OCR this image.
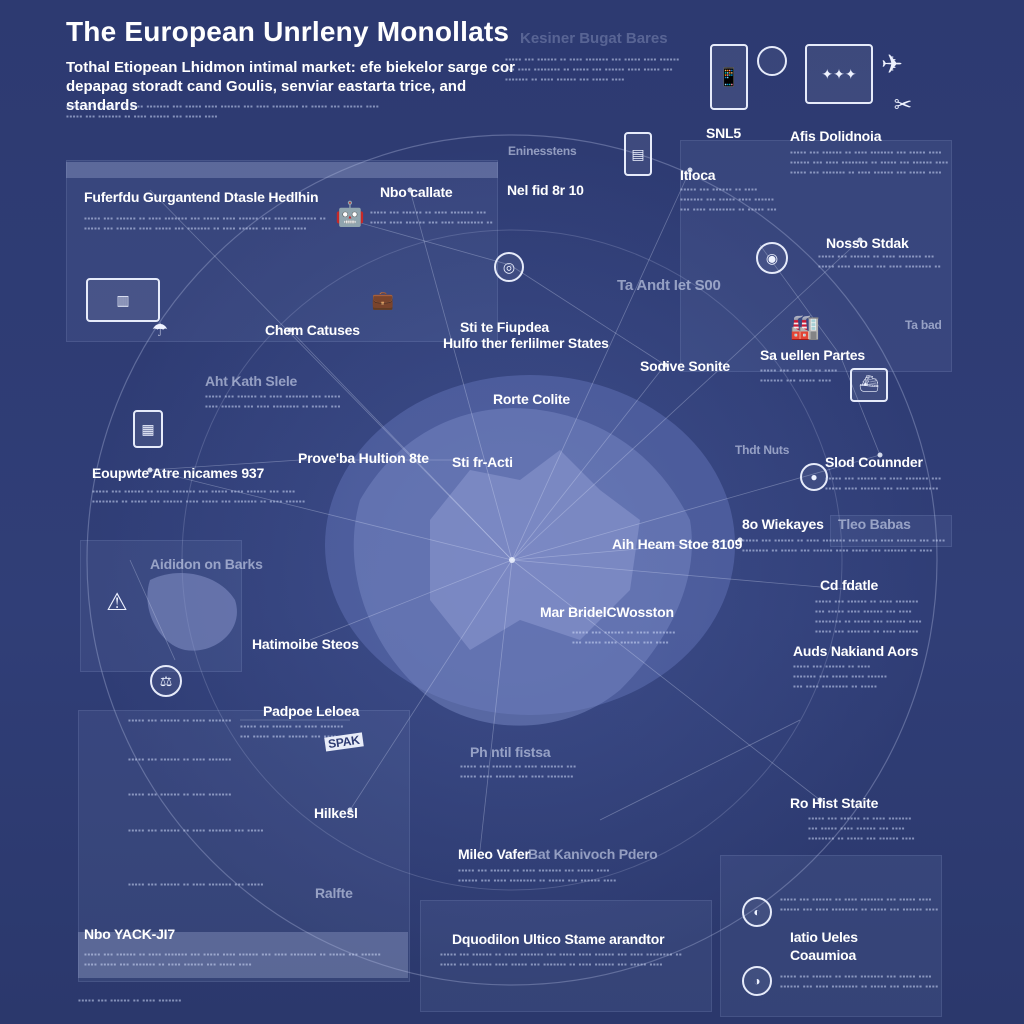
The European Unrleny Monollats
Tothal Etiopean Lhidmon intimal market: efe biekelor sarge cor depapag storadt cand Goulis, senviar eastarta trice, and standards
Kesiner Bugat Bares
▪▪▪▪▪ ▪▪▪ ▪▪▪▪▪▪ ▪▪ ▪▪▪▪ ▪▪▪▪▪▪▪ ▪▪▪ ▪▪▪▪▪ ▪▪▪▪ ▪▪▪▪▪▪ ▪▪▪ ▪▪▪▪ ▪▪▪▪▪▪▪▪ ▪▪ ▪▪▪▪▪ ▪▪▪ ▪▪▪▪▪▪ ▪▪▪▪ ▪▪▪▪▪ ▪▪▪ ▪▪▪▪▪▪▪ ▪▪ ▪▪▪▪ ▪▪▪▪▪▪ ▪▪▪ ▪▪▪▪▪ ▪▪▪▪
▪▪▪▪▪ ▪▪▪ ▪▪▪▪▪▪ ▪▪ ▪▪▪▪ ▪▪▪▪▪▪▪ ▪▪▪ ▪▪▪▪▪ ▪▪▪▪ ▪▪▪▪▪▪ ▪▪▪ ▪▪▪▪ ▪▪▪▪▪▪▪▪ ▪▪ ▪▪▪▪▪ ▪▪▪ ▪▪▪▪▪▪ ▪▪▪▪ ▪▪▪▪▪ ▪▪▪ ▪▪▪▪▪▪▪ ▪▪ ▪▪▪▪ ▪▪▪▪▪▪ ▪▪▪ ▪▪▪▪▪ ▪▪▪▪
📱	✦✦✦ ✈
✂
▤
SNL5	Afis Dolidnoia
▪▪▪▪▪ ▪▪▪ ▪▪▪▪▪▪ ▪▪ ▪▪▪▪ ▪▪▪▪▪▪▪ ▪▪▪ ▪▪▪▪▪ ▪▪▪▪ ▪▪▪▪▪▪ ▪▪▪ ▪▪▪▪ ▪▪▪▪▪▪▪▪ ▪▪ ▪▪▪▪▪ ▪▪▪ ▪▪▪▪▪▪ ▪▪▪▪ ▪▪▪▪▪ ▪▪▪ ▪▪▪▪▪▪▪ ▪▪ ▪▪▪▪ ▪▪▪▪▪▪ ▪▪▪ ▪▪▪▪▪ ▪▪▪▪
Eninesstens
Itioca
▪▪▪▪▪ ▪▪▪ ▪▪▪▪▪▪ ▪▪ ▪▪▪▪ ▪▪▪▪▪▪▪ ▪▪▪ ▪▪▪▪▪ ▪▪▪▪ ▪▪▪▪▪▪ ▪▪▪ ▪▪▪▪ ▪▪▪▪▪▪▪▪ ▪▪ ▪▪▪▪▪ ▪▪▪ ▪▪▪▪▪▪ ▪▪▪▪ ▪▪▪▪▪ ▪▪▪ ▪▪▪▪▪▪▪ ▪▪ ▪▪▪▪ ▪▪▪▪▪▪ ▪▪▪ ▪▪▪▪▪ ▪▪▪▪
Fuferfdu Gurgantend Dtasle Hedlhin
▪▪▪▪▪ ▪▪▪ ▪▪▪▪▪▪ ▪▪ ▪▪▪▪ ▪▪▪▪▪▪▪ ▪▪▪ ▪▪▪▪▪ ▪▪▪▪ ▪▪▪▪▪▪ ▪▪▪ ▪▪▪▪ ▪▪▪▪▪▪▪▪ ▪▪ ▪▪▪▪▪ ▪▪▪ ▪▪▪▪▪▪ ▪▪▪▪ ▪▪▪▪▪ ▪▪▪ ▪▪▪▪▪▪▪ ▪▪ ▪▪▪▪ ▪▪▪▪▪▪ ▪▪▪ ▪▪▪▪▪ ▪▪▪▪	Nbo callate
▪▪▪▪▪ ▪▪▪ ▪▪▪▪▪▪ ▪▪ ▪▪▪▪ ▪▪▪▪▪▪▪ ▪▪▪ ▪▪▪▪▪ ▪▪▪▪ ▪▪▪▪▪▪ ▪▪▪ ▪▪▪▪ ▪▪▪▪▪▪▪▪ ▪▪ ▪▪▪▪▪ ▪▪▪ ▪▪▪▪▪▪ ▪▪▪▪ ▪▪▪▪▪ ▪▪▪ ▪▪▪▪▪▪▪ ▪▪ ▪▪▪▪ ▪▪▪▪▪▪ ▪▪▪ ▪▪▪▪▪ ▪▪▪▪	Nel fid 8r 10
🤖
◎
▥	💼
Nosso Stdak
▪▪▪▪▪ ▪▪▪ ▪▪▪▪▪▪ ▪▪ ▪▪▪▪ ▪▪▪▪▪▪▪ ▪▪▪ ▪▪▪▪▪ ▪▪▪▪ ▪▪▪▪▪▪ ▪▪▪ ▪▪▪▪ ▪▪▪▪▪▪▪▪ ▪▪ ▪▪▪▪▪ ▪▪▪ ▪▪▪▪▪▪ ▪▪▪▪ ▪▪▪▪▪ ▪▪▪ ▪▪▪▪▪▪▪ ▪▪ ▪▪▪▪ ▪▪▪▪▪▪ ▪▪▪ ▪▪▪▪▪ ▪▪▪▪
◉
Ta Andt Iet S00
Chem Catuses	Sti te Fiupdea
Hulfo ther ferlilmer States
☂	🏭	Ta bad
Sodive Sonite
Sa uellen Partes
▪▪▪▪▪ ▪▪▪ ▪▪▪▪▪▪ ▪▪ ▪▪▪▪ ▪▪▪▪▪▪▪ ▪▪▪ ▪▪▪▪▪ ▪▪▪▪ ▪▪▪▪▪▪ ▪▪▪ ▪▪▪▪ ▪▪▪▪▪▪▪▪ ▪▪ ▪▪▪▪▪ ▪▪▪ ▪▪▪▪▪▪ ▪▪▪▪ ▪▪▪▪▪ ▪▪▪ ▪▪▪▪▪▪▪ ▪▪ ▪▪▪▪ ▪▪▪▪▪▪ ▪▪▪ ▪▪▪▪▪ ▪▪▪▪
Aht Kath Slele
▪▪▪▪▪ ▪▪▪ ▪▪▪▪▪▪ ▪▪ ▪▪▪▪ ▪▪▪▪▪▪▪ ▪▪▪ ▪▪▪▪▪ ▪▪▪▪ ▪▪▪▪▪▪ ▪▪▪ ▪▪▪▪ ▪▪▪▪▪▪▪▪ ▪▪ ▪▪▪▪▪ ▪▪▪ ▪▪▪▪▪▪ ▪▪▪▪ ▪▪▪▪▪ ▪▪▪ ▪▪▪▪▪▪▪ ▪▪ ▪▪▪▪ ▪▪▪▪▪▪ ▪▪▪ ▪▪▪▪▪ ▪▪▪▪
Rorte Colite
▦
⛴
Eoupwte Atre nicames 937
▪▪▪▪▪ ▪▪▪ ▪▪▪▪▪▪ ▪▪ ▪▪▪▪ ▪▪▪▪▪▪▪ ▪▪▪ ▪▪▪▪▪ ▪▪▪▪ ▪▪▪▪▪▪ ▪▪▪ ▪▪▪▪ ▪▪▪▪▪▪▪▪ ▪▪ ▪▪▪▪▪ ▪▪▪ ▪▪▪▪▪▪ ▪▪▪▪ ▪▪▪▪▪ ▪▪▪ ▪▪▪▪▪▪▪ ▪▪ ▪▪▪▪ ▪▪▪▪▪▪ ▪▪▪ ▪▪▪▪▪ ▪▪▪▪
Prove'ba Hultion 8te Sti fr-Acti
●
Slod Counnder
▪▪▪▪▪ ▪▪▪ ▪▪▪▪▪▪ ▪▪ ▪▪▪▪ ▪▪▪▪▪▪▪ ▪▪▪ ▪▪▪▪▪ ▪▪▪▪ ▪▪▪▪▪▪ ▪▪▪ ▪▪▪▪ ▪▪▪▪▪▪▪▪ ▪▪ ▪▪▪▪▪ ▪▪▪ ▪▪▪▪▪▪ ▪▪▪▪ ▪▪▪▪▪ ▪▪▪ ▪▪▪▪▪▪▪ ▪▪ ▪▪▪▪ ▪▪▪▪▪▪ ▪▪▪ ▪▪▪▪▪ ▪▪▪▪
Thdt Nuts
8o Wiekayes Tleo Babas
▪▪▪▪▪ ▪▪▪ ▪▪▪▪▪▪ ▪▪ ▪▪▪▪ ▪▪▪▪▪▪▪ ▪▪▪ ▪▪▪▪▪ ▪▪▪▪ ▪▪▪▪▪▪ ▪▪▪ ▪▪▪▪ ▪▪▪▪▪▪▪▪ ▪▪ ▪▪▪▪▪ ▪▪▪ ▪▪▪▪▪▪ ▪▪▪▪ ▪▪▪▪▪ ▪▪▪ ▪▪▪▪▪▪▪ ▪▪ ▪▪▪▪ ▪▪▪▪▪▪ ▪▪▪ ▪▪▪▪▪ ▪▪▪▪
Aididon on Barks
Aih Heam Stoe 8109
Cd fdatle
▪▪▪▪▪ ▪▪▪ ▪▪▪▪▪▪ ▪▪ ▪▪▪▪ ▪▪▪▪▪▪▪ ▪▪▪ ▪▪▪▪▪ ▪▪▪▪ ▪▪▪▪▪▪ ▪▪▪ ▪▪▪▪ ▪▪▪▪▪▪▪▪ ▪▪ ▪▪▪▪▪ ▪▪▪ ▪▪▪▪▪▪ ▪▪▪▪ ▪▪▪▪▪ ▪▪▪ ▪▪▪▪▪▪▪ ▪▪ ▪▪▪▪ ▪▪▪▪▪▪ ▪▪▪ ▪▪▪▪▪ ▪▪▪▪
⚠	Mar BridelCWosston
▪▪▪▪▪ ▪▪▪ ▪▪▪▪▪▪ ▪▪ ▪▪▪▪ ▪▪▪▪▪▪▪ ▪▪▪ ▪▪▪▪▪ ▪▪▪▪ ▪▪▪▪▪▪ ▪▪▪ ▪▪▪▪ ▪▪▪▪▪▪▪▪ ▪▪ ▪▪▪▪▪ ▪▪▪ ▪▪▪▪▪▪ ▪▪▪▪ ▪▪▪▪▪ ▪▪▪ ▪▪▪▪▪▪▪ ▪▪ ▪▪▪▪ ▪▪▪▪▪▪ ▪▪▪ ▪▪▪▪▪ ▪▪▪▪
Hatimoibe Steos	Auds Nakiand Aors
▪▪▪▪▪ ▪▪▪ ▪▪▪▪▪▪ ▪▪ ▪▪▪▪ ▪▪▪▪▪▪▪ ▪▪▪ ▪▪▪▪▪ ▪▪▪▪ ▪▪▪▪▪▪ ▪▪▪ ▪▪▪▪ ▪▪▪▪▪▪▪▪ ▪▪ ▪▪▪▪▪ ▪▪▪ ▪▪▪▪▪▪ ▪▪▪▪ ▪▪▪▪▪ ▪▪▪ ▪▪▪▪▪▪▪ ▪▪ ▪▪▪▪ ▪▪▪▪▪▪ ▪▪▪ ▪▪▪▪▪ ▪▪▪▪
⚖
Padpoe Leloea
▪▪▪▪▪ ▪▪▪ ▪▪▪▪▪▪ ▪▪ ▪▪▪▪ ▪▪▪▪▪▪▪ ▪▪▪ ▪▪▪▪▪ ▪▪▪▪ ▪▪▪▪▪▪ ▪▪▪ ▪▪▪▪ ▪▪▪▪▪▪▪▪ ▪▪ ▪▪▪▪▪ ▪▪▪ ▪▪▪▪▪▪ ▪▪▪▪ ▪▪▪▪▪ ▪▪▪ ▪▪▪▪▪▪▪ ▪▪ ▪▪▪▪ ▪▪▪▪▪▪ ▪▪▪ ▪▪▪▪▪ ▪▪▪▪
SPAK
▪▪▪▪▪ ▪▪▪ ▪▪▪▪▪▪ ▪▪ ▪▪▪▪ ▪▪▪▪▪▪▪ ▪▪▪ ▪▪▪▪▪ ▪▪▪▪ ▪▪▪▪▪▪ ▪▪▪ ▪▪▪▪ ▪▪▪▪▪▪▪▪ ▪▪ ▪▪▪▪▪ ▪▪▪ ▪▪▪▪▪▪ ▪▪▪▪ ▪▪▪▪▪ ▪▪▪ ▪▪▪▪▪▪▪ ▪▪ ▪▪▪▪ ▪▪▪▪▪▪ ▪▪▪ ▪▪▪▪▪ ▪▪▪▪
▪▪▪▪▪ ▪▪▪ ▪▪▪▪▪▪ ▪▪ ▪▪▪▪ ▪▪▪▪▪▪▪ ▪▪▪ ▪▪▪▪▪ ▪▪▪▪ ▪▪▪▪▪▪ ▪▪▪ ▪▪▪▪ ▪▪▪▪▪▪▪▪ ▪▪ ▪▪▪▪▪ ▪▪▪ ▪▪▪▪▪▪ ▪▪▪▪ ▪▪▪▪▪ ▪▪▪ ▪▪▪▪▪▪▪ ▪▪ ▪▪▪▪ ▪▪▪▪▪▪ ▪▪▪ ▪▪▪▪▪ ▪▪▪▪
▪▪▪▪▪ ▪▪▪ ▪▪▪▪▪▪ ▪▪ ▪▪▪▪ ▪▪▪▪▪▪▪ ▪▪▪ ▪▪▪▪▪ ▪▪▪▪ ▪▪▪▪▪▪ ▪▪▪ ▪▪▪▪ ▪▪▪▪▪▪▪▪ ▪▪ ▪▪▪▪▪ ▪▪▪ ▪▪▪▪▪▪ ▪▪▪▪ ▪▪▪▪▪ ▪▪▪ ▪▪▪▪▪▪▪ ▪▪ ▪▪▪▪ ▪▪▪▪▪▪ ▪▪▪ ▪▪▪▪▪ ▪▪▪▪
▪▪▪▪▪ ▪▪▪ ▪▪▪▪▪▪ ▪▪ ▪▪▪▪ ▪▪▪▪▪▪▪ ▪▪▪ ▪▪▪▪▪ ▪▪▪▪ ▪▪▪▪▪▪ ▪▪▪ ▪▪▪▪ ▪▪▪▪▪▪▪▪ ▪▪ ▪▪▪▪▪ ▪▪▪ ▪▪▪▪▪▪ ▪▪▪▪ ▪▪▪▪▪ ▪▪▪ ▪▪▪▪▪▪▪ ▪▪ ▪▪▪▪ ▪▪▪▪▪▪ ▪▪▪ ▪▪▪▪▪ ▪▪▪▪
▪▪▪▪▪ ▪▪▪ ▪▪▪▪▪▪ ▪▪ ▪▪▪▪ ▪▪▪▪▪▪▪ ▪▪▪ ▪▪▪▪▪ ▪▪▪▪ ▪▪▪▪▪▪ ▪▪▪ ▪▪▪▪ ▪▪▪▪▪▪▪▪ ▪▪ ▪▪▪▪▪ ▪▪▪ ▪▪▪▪▪▪ ▪▪▪▪ ▪▪▪▪▪ ▪▪▪ ▪▪▪▪▪▪▪ ▪▪ ▪▪▪▪ ▪▪▪▪▪▪ ▪▪▪ ▪▪▪▪▪ ▪▪▪▪
Ph ntil fistsa
▪▪▪▪▪ ▪▪▪ ▪▪▪▪▪▪ ▪▪ ▪▪▪▪ ▪▪▪▪▪▪▪ ▪▪▪ ▪▪▪▪▪ ▪▪▪▪ ▪▪▪▪▪▪ ▪▪▪ ▪▪▪▪ ▪▪▪▪▪▪▪▪ ▪▪ ▪▪▪▪▪ ▪▪▪ ▪▪▪▪▪▪ ▪▪▪▪ ▪▪▪▪▪ ▪▪▪ ▪▪▪▪▪▪▪ ▪▪ ▪▪▪▪ ▪▪▪▪▪▪ ▪▪▪ ▪▪▪▪▪ ▪▪▪▪
Ro Hist Staite
▪▪▪▪▪ ▪▪▪ ▪▪▪▪▪▪ ▪▪ ▪▪▪▪ ▪▪▪▪▪▪▪ ▪▪▪ ▪▪▪▪▪ ▪▪▪▪ ▪▪▪▪▪▪ ▪▪▪ ▪▪▪▪ ▪▪▪▪▪▪▪▪ ▪▪ ▪▪▪▪▪ ▪▪▪ ▪▪▪▪▪▪ ▪▪▪▪ ▪▪▪▪▪ ▪▪▪ ▪▪▪▪▪▪▪ ▪▪ ▪▪▪▪ ▪▪▪▪▪▪ ▪▪▪ ▪▪▪▪▪ ▪▪▪▪
Hilkesl
Mileo Vafer
Bat Kanivoch Pdero
▪▪▪▪▪ ▪▪▪ ▪▪▪▪▪▪ ▪▪ ▪▪▪▪ ▪▪▪▪▪▪▪ ▪▪▪ ▪▪▪▪▪ ▪▪▪▪ ▪▪▪▪▪▪ ▪▪▪ ▪▪▪▪ ▪▪▪▪▪▪▪▪ ▪▪ ▪▪▪▪▪ ▪▪▪ ▪▪▪▪▪▪ ▪▪▪▪ ▪▪▪▪▪ ▪▪▪ ▪▪▪▪▪▪▪ ▪▪ ▪▪▪▪ ▪▪▪▪▪▪ ▪▪▪ ▪▪▪▪▪ ▪▪▪▪
Ralfte
Nbo YACK-JI7
▪▪▪▪▪ ▪▪▪ ▪▪▪▪▪▪ ▪▪ ▪▪▪▪ ▪▪▪▪▪▪▪ ▪▪▪ ▪▪▪▪▪ ▪▪▪▪ ▪▪▪▪▪▪ ▪▪▪ ▪▪▪▪ ▪▪▪▪▪▪▪▪ ▪▪ ▪▪▪▪▪ ▪▪▪ ▪▪▪▪▪▪ ▪▪▪▪ ▪▪▪▪▪ ▪▪▪ ▪▪▪▪▪▪▪ ▪▪ ▪▪▪▪ ▪▪▪▪▪▪ ▪▪▪ ▪▪▪▪▪ ▪▪▪▪	Dquodilon Ultico Stame arandtor
▪▪▪▪▪ ▪▪▪ ▪▪▪▪▪▪ ▪▪ ▪▪▪▪ ▪▪▪▪▪▪▪ ▪▪▪ ▪▪▪▪▪ ▪▪▪▪ ▪▪▪▪▪▪ ▪▪▪ ▪▪▪▪ ▪▪▪▪▪▪▪▪ ▪▪ ▪▪▪▪▪ ▪▪▪ ▪▪▪▪▪▪ ▪▪▪▪ ▪▪▪▪▪ ▪▪▪ ▪▪▪▪▪▪▪ ▪▪ ▪▪▪▪ ▪▪▪▪▪▪ ▪▪▪ ▪▪▪▪▪ ▪▪▪▪	Iatio Ueles
Coaumioa
▪▪▪▪▪ ▪▪▪ ▪▪▪▪▪▪ ▪▪ ▪▪▪▪ ▪▪▪▪▪▪▪ ▪▪▪ ▪▪▪▪▪ ▪▪▪▪ ▪▪▪▪▪▪ ▪▪▪ ▪▪▪▪ ▪▪▪▪▪▪▪▪ ▪▪ ▪▪▪▪▪ ▪▪▪ ▪▪▪▪▪▪ ▪▪▪▪ ▪▪▪▪▪ ▪▪▪ ▪▪▪▪▪▪▪ ▪▪ ▪▪▪▪ ▪▪▪▪▪▪ ▪▪▪ ▪▪▪▪▪ ▪▪▪▪
▪▪▪▪▪ ▪▪▪ ▪▪▪▪▪▪ ▪▪ ▪▪▪▪ ▪▪▪▪▪▪▪ ▪▪▪ ▪▪▪▪▪ ▪▪▪▪ ▪▪▪▪▪▪ ▪▪▪ ▪▪▪▪ ▪▪▪▪▪▪▪▪ ▪▪ ▪▪▪▪▪ ▪▪▪ ▪▪▪▪▪▪ ▪▪▪▪ ▪▪▪▪▪ ▪▪▪ ▪▪▪▪▪▪▪ ▪▪ ▪▪▪▪ ▪▪▪▪▪▪ ▪▪▪ ▪▪▪▪▪ ▪▪▪▪
◐
◑
▪▪▪▪▪ ▪▪▪ ▪▪▪▪▪▪ ▪▪ ▪▪▪▪ ▪▪▪▪▪▪▪ ▪▪▪ ▪▪▪▪▪ ▪▪▪▪ ▪▪▪▪▪▪ ▪▪▪ ▪▪▪▪ ▪▪▪▪▪▪▪▪ ▪▪ ▪▪▪▪▪ ▪▪▪ ▪▪▪▪▪▪ ▪▪▪▪ ▪▪▪▪▪ ▪▪▪ ▪▪▪▪▪▪▪ ▪▪ ▪▪▪▪ ▪▪▪▪▪▪ ▪▪▪ ▪▪▪▪▪ ▪▪▪▪
